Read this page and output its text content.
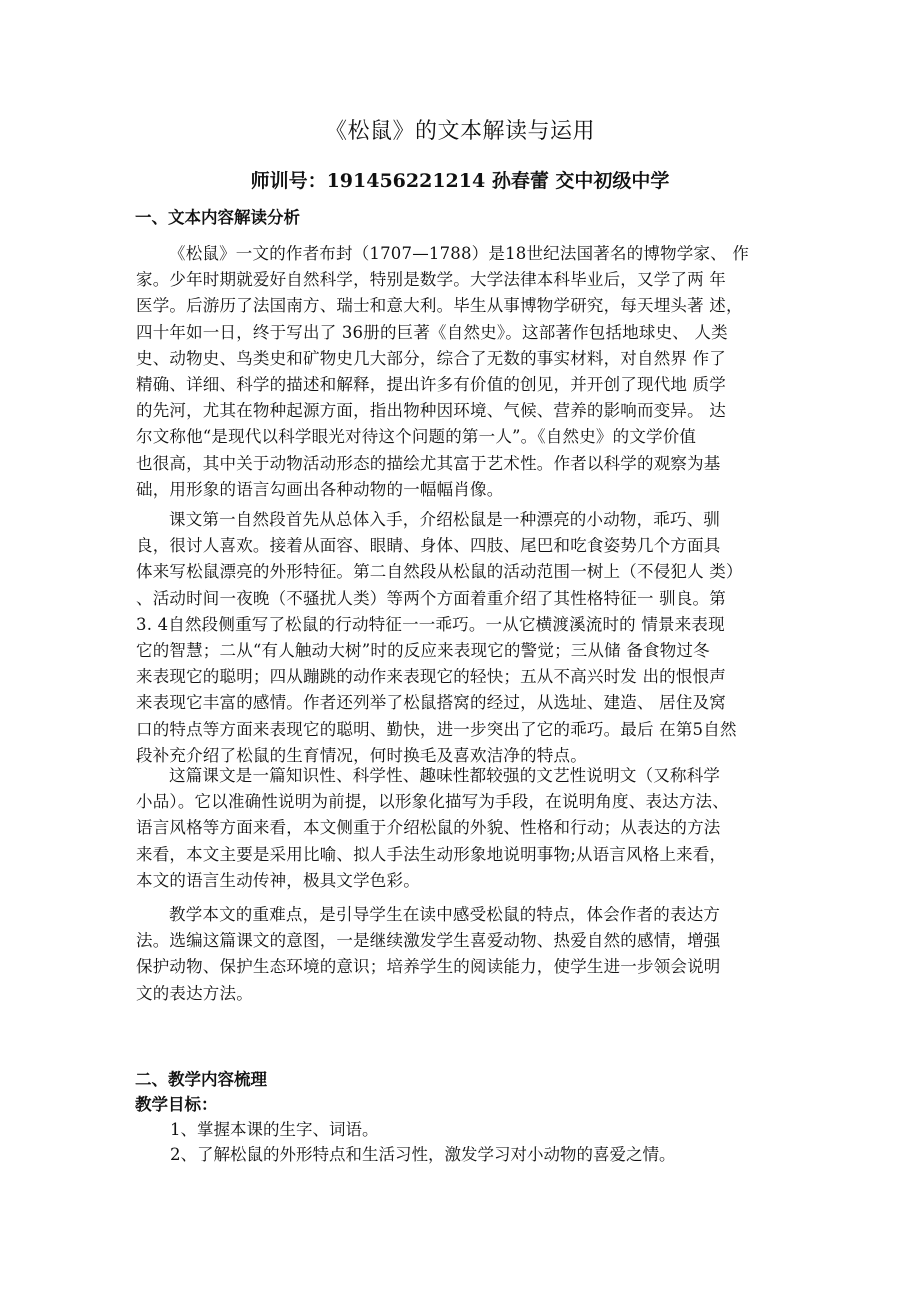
《松鼠》的文本解读与运用
师训号：191456221214 孙春蕾 交中初级中学
一、文本内容解读分析
《松鼠》一文的作者布封（1707—1788）是18世纪法国著名的博物学家、 作
家。少年时期就爱好自然科学，特别是数学。大学法律本科毕业后，又学了两 年
医学。后游历了法国南方、瑞士和意大利。毕生从事博物学研究，每天埋头著 述，
四十年如一日，终于写出了 36册的巨著《自然史》。这部著作包括地球史、 人类
史、动物史、鸟类史和矿物史几大部分，综合了无数的事实材料，对自然界 作了
精确、详细、科学的描述和解释，提出许多有价值的创见，并开创了现代地 质学
的先河，尤其在物种起源方面，指出物种因环境、气候、营养的影响而变异。 达
尔文称他“是现代以科学眼光对待这个问题的第一人”。《自然史》的文学价值
也很高，其中关于动物活动形态的描绘尤其富于艺术性。作者以科学的观察为基
础，用形象的语言勾画出各种动物的一幅幅肖像。
课文第一自然段首先从总体入手，介绍松鼠是一种漂亮的小动物，乖巧、驯
良，很讨人喜欢。接着从面容、眼睛、身体、四肢、尾巴和吃食姿势几个方面具
体来写松鼠漂亮的外形特征。第二自然段从松鼠的活动范围一树上（不侵犯人 类）
、活动时间一夜晚（不骚扰人类）等两个方面着重介绍了其性格特征一 驯良。第
3. 4自然段侧重写了松鼠的行动特征一一乖巧。一从它横渡溪流时的 情景来表现
它的智慧；二从“有人触动大树”时的反应来表现它的警觉；三从储 备食物过冬
来表现它的聪明；四从蹦跳的动作来表现它的轻快；五从不高兴时发 出的恨恨声
来表现它丰富的感情。作者还列举了松鼠搭窝的经过，从选址、建造、 居住及窝
口的特点等方面来表现它的聪明、勤快，进一步突出了它的乖巧。最后 在第5自然
段补充介绍了松鼠的生育情况，何时换毛及喜欢洁净的特点。
这篇课文是一篇知识性、科学性、趣味性都较强的文艺性说明文（又称科学
小品）。它以准确性说明为前提，以形象化描写为手段，在说明角度、表达方法、
语言风格等方面来看，本文侧重于介绍松鼠的外貌、性格和行动；从表达的方法
来看，本文主要是采用比喻、拟人手法生动形象地说明事物;从语言风格上来看，
本文的语言生动传神，极具文学色彩。
教学本文的重难点，是引导学生在读中感受松鼠的特点，体会作者的表达方
法。选编这篇课文的意图，一是继续激发学生喜爱动物、热爱自然的感情，增强
保护动物、保护生态环境的意识；培养学生的阅读能力，使学生进一步领会说明
文的表达方法。
二、教学内容梳理
教学目标：
1、掌握本课的生字、词语。
2、了解松鼠的外形特点和生活习性，激发学习对小动物的喜爱之情。
